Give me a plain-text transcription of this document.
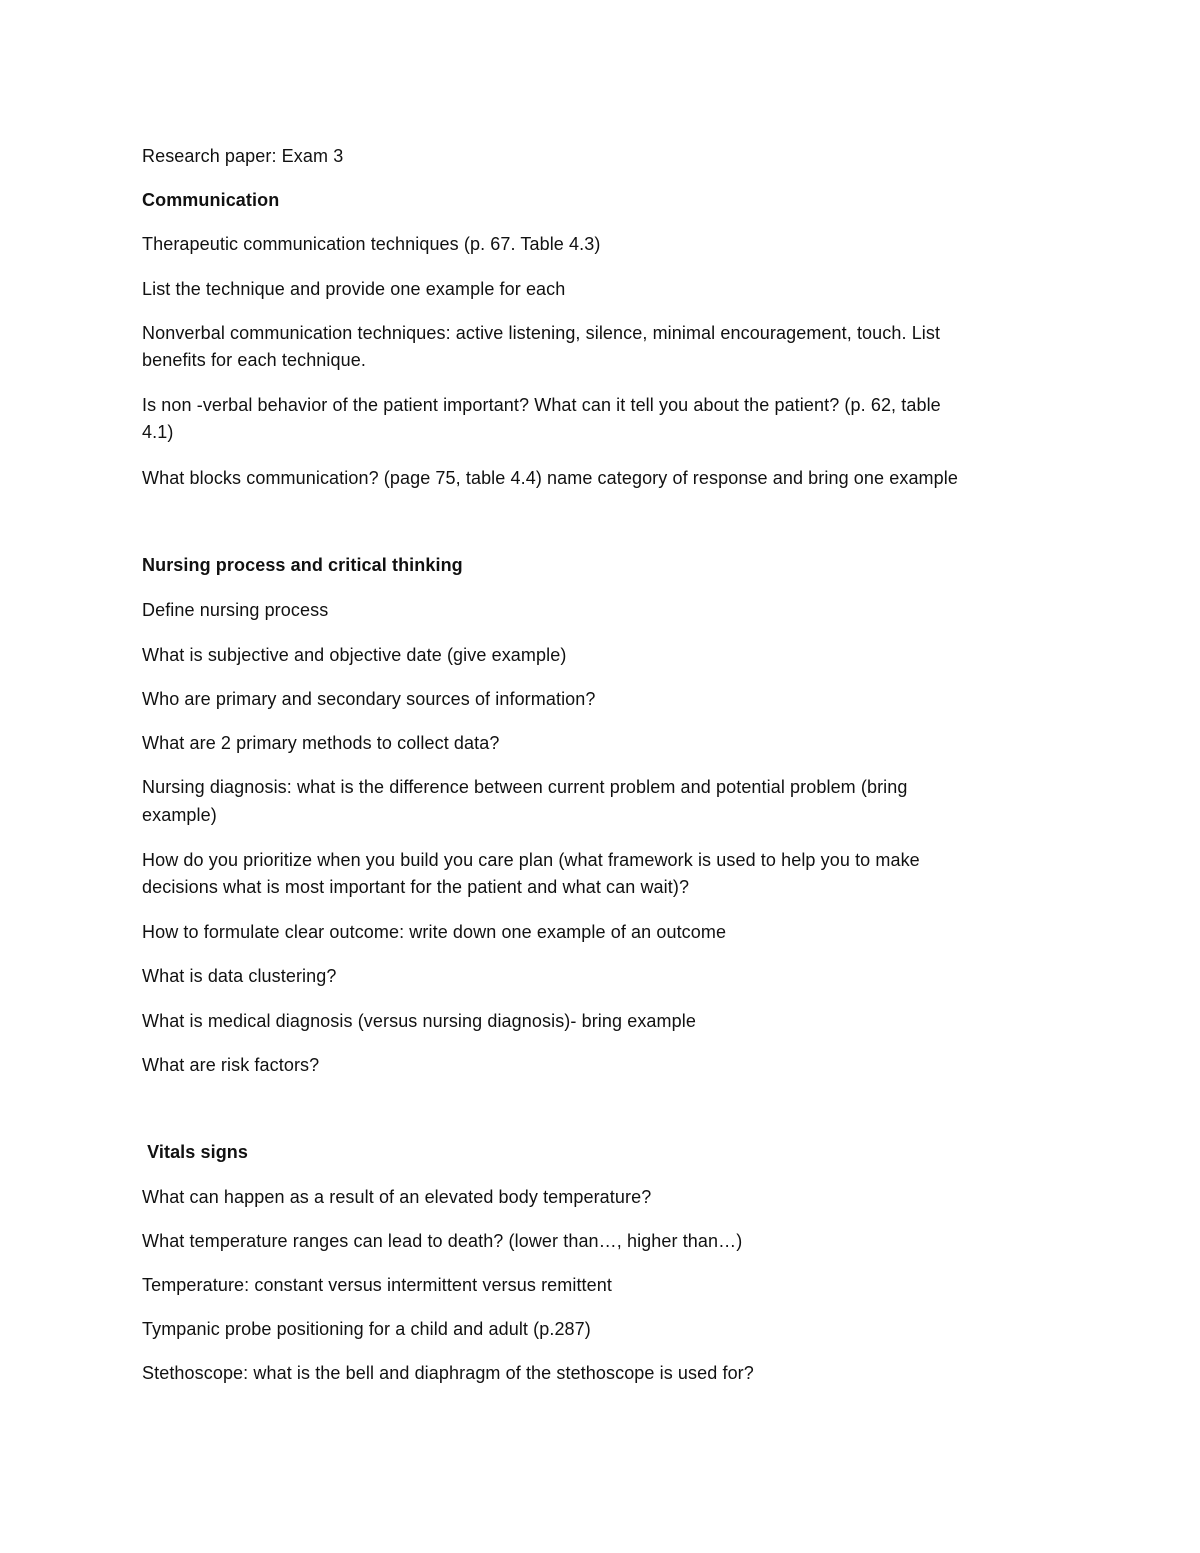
Research paper: Exam 3
Communication
Therapeutic communication techniques (p. 67. Table 4.3)
List the technique and provide one example for each
Nonverbal communication techniques: active listening, silence, minimal encouragement, touch. List
benefits for each technique.
Is non -verbal behavior of the patient important? What can it tell you about the patient? (p. 62, table
4.1)
What blocks communication? (page 75, table 4.4) name category of response and bring one example
Nursing process and critical thinking
Define nursing process
What is subjective and objective date (give example)
Who are primary and secondary sources of information?
What are 2 primary methods to collect data?
Nursing diagnosis: what is the difference between current problem and potential problem (bring
example)
How do you prioritize when you build you care plan (what framework is used to help you to make
decisions what is most important for the patient and what can wait)?
How to formulate clear outcome: write down one example of an outcome
What is data clustering?
What is medical diagnosis (versus nursing diagnosis)- bring example
What are risk factors?
Vitals signs
What can happen as a result of an elevated body temperature?
What temperature ranges can lead to death? (lower than…, higher than…)
Temperature: constant versus intermittent versus remittent
Tympanic probe positioning for a child and adult (p.287)
Stethoscope: what is the bell and diaphragm of the stethoscope is used for?
